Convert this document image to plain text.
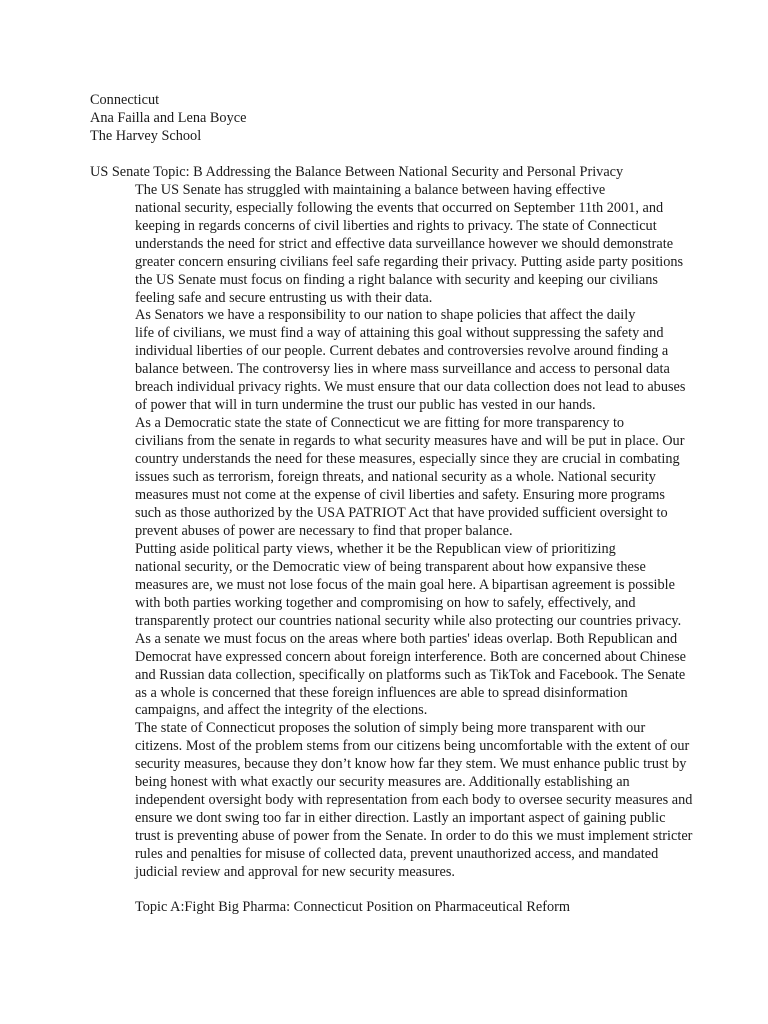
Connecticut
Ana Failla and Lena Boyce
The Harvey School
US Senate Topic: B Addressing the Balance Between National Security and Personal Privacy

The US Senate has struggled with maintaining a balance between having effective
national security, especially following the events that occurred on September 11th 2001, and
keeping in regards concerns of civil liberties and rights to privacy. The state of Connecticut
understands the need for strict and effective data surveillance however we should demonstrate
greater concern ensuring civilians feel safe regarding their privacy. Putting aside party positions
the US Senate must focus on finding a right balance with security and keeping our civilians
feeling safe and secure entrusting us with their data.

As Senators we have a responsibility to our nation to shape policies that affect the daily
life of civilians, we must find a way of attaining this goal without suppressing the safety and
individual liberties of our people. Current debates and controversies revolve around finding a
balance between. The controversy lies in where mass surveillance and access to personal data
breach individual privacy rights. We must ensure that our data collection does not lead to abuses
of power that will in turn undermine the trust our public has vested in our hands.

As a Democratic state the state of Connecticut we are fitting for more transparency to
civilians from the senate in regards to what security measures have and will be put in place. Our
country understands the need for these measures, especially since they are crucial in combating
issues such as terrorism, foreign threats, and national security as a whole. National security
measures must not come at the expense of civil liberties and safety. Ensuring more programs
such as those authorized by the USA PATRIOT Act that have provided sufficient oversight to
prevent abuses of power are necessary to find that proper balance.

Putting aside political party views, whether it be the Republican view of prioritizing
national security, or the Democratic view of being transparent about how expansive these
measures are, we must not lose focus of the main goal here. A bipartisan agreement is possible
with both parties working together and compromising on how to safely, effectively, and
transparently protect our countries national security while also protecting our countries privacy.
As a senate we must focus on the areas where both parties' ideas overlap. Both Republican and
Democrat have expressed concern about foreign interference. Both are concerned about Chinese
and Russian data collection, specifically on platforms such as TikTok and Facebook. The Senate
as a whole is concerned that these foreign influences are able to spread disinformation
campaigns, and affect the integrity of the elections.

The state of Connecticut proposes the solution of simply being more transparent with our
citizens. Most of the problem stems from our citizens being uncomfortable with the extent of our
security measures, because they don’t know how far they stem. We must enhance public trust by
being honest with what exactly our security measures are. Additionally establishing an
independent oversight body with representation from each body to oversee security measures and
ensure we dont swing too far in either direction. Lastly an important aspect of gaining public
trust is preventing abuse of power from the Senate. In order to do this we must implement stricter
rules and penalties for misuse of collected data, prevent unauthorized access, and mandated
judicial review and approval for new security measures.

Topic A:Fight Big Pharma: Connecticut Position on Pharmaceutical Reform
